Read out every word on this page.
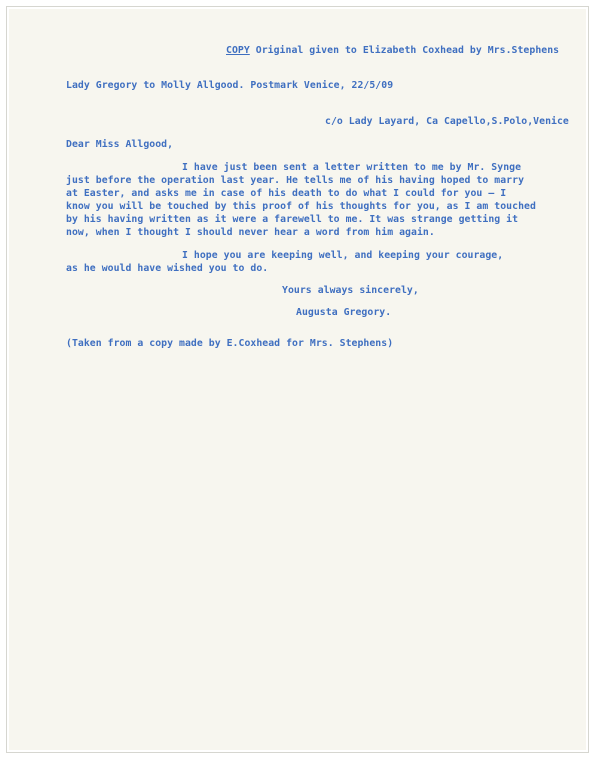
COPY Original given to Elizabeth Coxhead by Mrs.Stephens
Lady Gregory to Molly Allgood. Postmark Venice, 22/5/09
c/o Lady Layard, Ca Capello,S.Polo,Venice
Dear Miss Allgood,
I have just been sent a letter written to me by Mr. Synge
just before the operation last year. He tells me of his having hoped to marry
at Easter, and asks me in case of his death to do what I could for you — I
know you will be touched by this proof of his thoughts for you, as I am touched
by his having written as it were a farewell to me. It was strange getting it
now, when I thought I should never hear a word from him again.
I hope you are keeping well, and keeping your courage,
as he would have wished you to do.
Yours always sincerely,
Augusta Gregory.
(Taken from a copy made by E.Coxhead for Mrs. Stephens)
